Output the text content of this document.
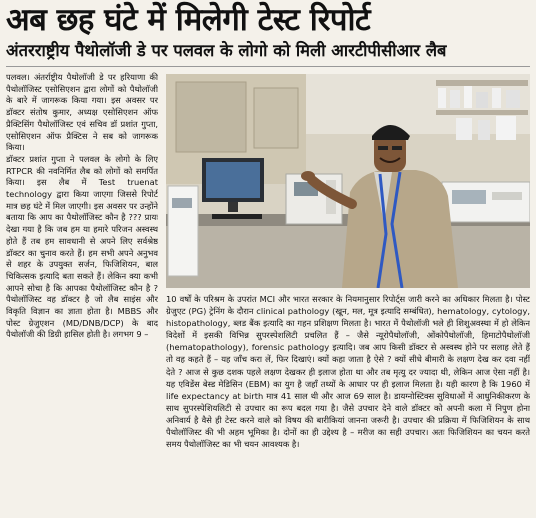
अब छह घंटे में मिलेगी टेस्ट रिपोर्ट
अंतरराष्ट्रीय पैथोलॉजी डे पर पलवल के लोगो को मिली आरटीपीसीआर लैब

पलवल। अंतर्राष्ट्रीय पैथोलॉजी डे पर हरियाणा की पैथोलॉजिस्ट एसोसिएशन द्वारा लोगों को पैथोलॉजी के बारे में जागरूक किया गया। इस अवसर पर डॉक्टर संतोष कुमार, अध्यक्ष एसोसिएशन ऑफ प्रैक्टिसिंग पैथोलॉजिस्ट एवं सचिव डॉ प्रशांत गुप्ता, एसोसिएशन ऑफ प्रैक्टिस ने सब को जागरूक किया।

डॉक्टर प्रशांत गुप्ता ने पलवल के लोगो के लिए RTPCR की नवनिर्मित लैब को लोगों को समर्पित किया। इस लैब में Test truenat technology द्वारा किया जाएगा जिससे रिपोर्ट मात्र छह घंटे में मिल जाएगी। इस अवसर पर उन्होंने बताया कि आप का पैथोलॉजिस्ट कौन है ??? प्रायः देखा गया है कि जब हम या हमारे परिजन अस्वस्थ होते हैं तब हम सावधानी से अपने लिए सर्वश्रेष्ठ डॉक्टर का चुनाव करते हैं। हम सभी अपने अनुभव से शहर के उपयुक्त सर्जन, फिजिशियन, बाल चिकित्सक इत्यादि बता सकते हैं। लेकिन क्या कभी आपने सोचा है कि आपका पैथोलॉजिस्ट कौन है ? पैथोलॉजिस्ट वह डॉक्टर है जो लैब साइंस और विकृति विज्ञान का ज्ञाता होता है। MBBS और पोस्ट ग्रेजुएशन (MD/DNB/DCP) के बाद पैथोलॉजी की डिग्री हासिल होती है। लगभग 9 –

10 वर्षों के परिश्रम के उपरांत MCI और भारत सरकार के नियमानुसार रिपोर्ट्स जारी करने का अधिकार मिलता है। पोस्ट ग्रेजुएट (PG) ट्रेनिंग के दौरान clinical pathology (खून, मल, मूत्र इत्यादि सम्बंधित), hematology, cytology, histopathology, ब्लड बैंक इत्यादि का गहन प्रशिक्षण मिलता है। भारत में पैथोलॉजी भले ही शिशुअवस्था में हो लेकिन विदेशों में इसकी विभिन्न सुपरस्पेशलिटी प्रचलित हैं – जैसे न्यूरोपैथोलॉजी, ओंकोपैथोलॉजी, हिमाटोपैथोलॉजी (hematopathology), forensic pathology इत्यादि। जब आप किसी डॉक्टर से अस्वस्थ होने पर सलाह लेते हैं तो वह कहते हैं – यह जाँच करा लें, फिर दिखाएं। क्यों कहा जाता है ऐसे ? क्यों सीधे बीमारी के लक्षण देख कर दवा नहीं देते ? आज से कुछ दशक पहले लक्षण देखकर ही इलाज होता था और तब मृत्यु दर ज्यादा थी, लेकिन आज ऐसा नहीं है। यह एविडेंस बेस्ड मेडिसिन (EBM) का युग है जहाँ तथ्यों के आधार पर ही इलाज मिलता है। यही कारण है कि 1960 में life expectancy at birth मात्र 41 साल थी और आज 69 साल है। डायग्नोस्टिक्स सुविधाओं में आधुनिकीकरण के साथ सुपरस्पेशियलिटी से उपचार का रूप बदल गया है। जैसे उपचार देने वाले डॉक्टर को अपनी कला में निपुण होना अनिवार्य है वैसे ही टेस्ट करने वाले को विषय की बारीकियां जानना जरूरी है। उपचार की प्रक्रिया में फिजिशियन के साथ पैथोलॉजिस्ट की भी अहम भूमिका है। दोनों का ही उद्देश्य है – मरीज का सही उपचार। अतः फिजिशियन का चयन करते समय पैथोलॉजिस्ट का भी चयन आवश्यक है।
